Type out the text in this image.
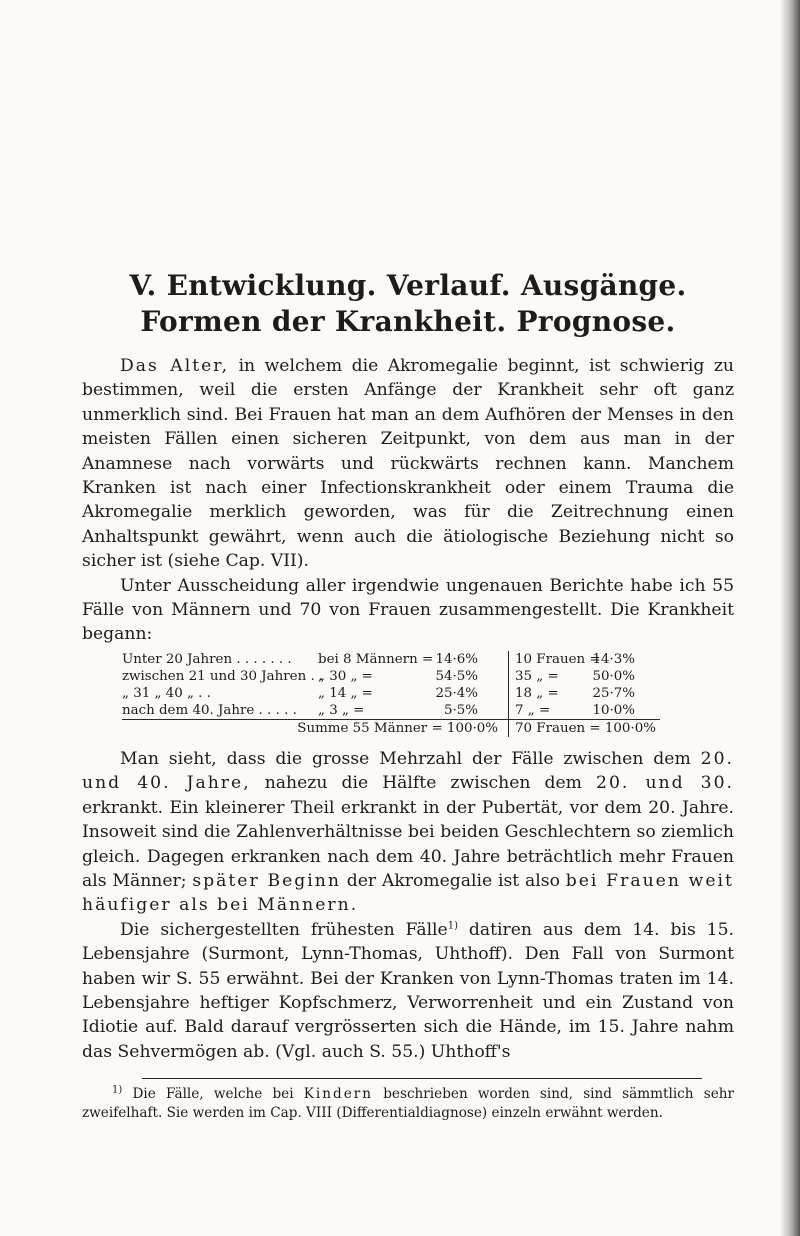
V. Entwicklung. Verlauf. Ausgänge. Formen der Krankheit. Prognose.

Das Alter, in welchem die Akromegalie beginnt, ist schwierig zu bestimmen, weil die ersten Anfänge der Krankheit sehr oft ganz unmerklich sind. Bei Frauen hat man an dem Aufhören der Menses in den meisten Fällen einen sicheren Zeitpunkt, von dem aus man in der Anamnese nach vorwärts und rückwärts rechnen kann. Manchem Kranken ist nach einer Infectionskrankheit oder einem Trauma die Akromegalie merklich geworden, was für die Zeitrechnung einen Anhaltspunkt gewährt, wenn auch die ätiologische Beziehung nicht so sicher ist (siehe Cap. VII).

Unter Ausscheidung aller irgendwie ungenauen Berichte habe ich 55 Fälle von Männern und 70 von Frauen zusammengestellt. Die Krankheit begann:

Unter 20 Jahren . . . . . . . bei 8 Männern = 14·6%	10 Frauen =14·3%
zwischen 21 und 30 Jahren . .„ 30 „ = 54·5%	35 „ = 50·0%
„ 31 „ 40 „ . . „ 14 „ = 25·4%	18 „ = 25·7%
nach dem 40. Jahre . . . . . „ 3 „ = 5·5%	7 „ = 10·0%
Summe 55 Männer = 100·0%	70 Frauen = 100·0%

Man sieht, dass die grosse Mehrzahl der Fälle zwischen dem 20. und 40. Jahre, nahezu die Hälfte zwischen dem 20. und 30. erkrankt. Ein kleinerer Theil erkrankt in der Pubertät, vor dem 20. Jahre. Insoweit sind die Zahlenverhältnisse bei beiden Geschlechtern so ziemlich gleich. Dagegen erkranken nach dem 40. Jahre beträchtlich mehr Frauen als Männer; später Beginn der Akromegalie ist also bei Frauen weit häufiger als bei Männern.

Die sichergestellten frühesten Fälle$^{1)}$ datiren aus dem 14. bis 15. Lebensjahre (Surmont, Lynn-Thomas, Uhthoff). Den Fall von Surmont haben wir S. 55 erwähnt. Bei der Kranken von Lynn-Thomas traten im 14. Lebensjahre heftiger Kopfschmerz, Verworrenheit und ein Zustand von Idiotie auf. Bald darauf vergrösserten sich die Hände, im 15. Jahre nahm das Sehvermögen ab. (Vgl. auch S. 55.) Uhthoff's

$^{1)}$ Die Fälle, welche bei Kindern beschrieben worden sind, sind sämmtlich sehr zweifelhaft. Sie werden im Cap. VIII (Differentialdiagnose) einzeln erwähnt werden.
